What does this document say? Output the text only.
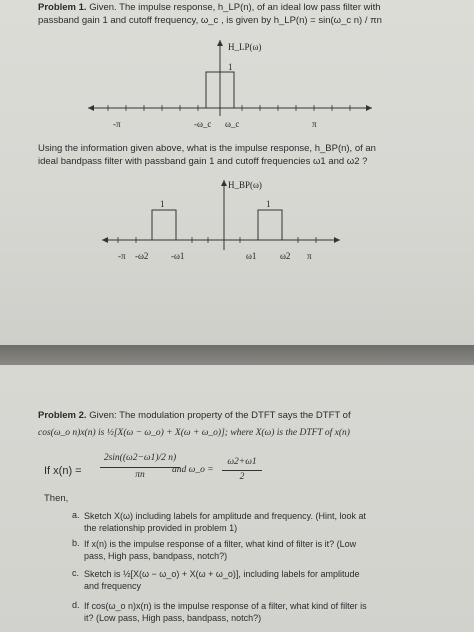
Problem 1. Given. The impulse response, h_LP(n), of an ideal low pass filter with
passband gain 1 and cutoff frequency, ω_c , is given by h_LP(n) = sin(ω_c n) / πn
H_LP(ω)
1
-π	-ω_c ω_c	π
Using the information given above, what is the impulse response, h_BP(n), of an
ideal bandpass filter with passband gain 1 and cutoff frequencies ω1 and ω2 ?
H_BP(ω)
1	1
-π -ω2	-ω1	ω1	ω2 π
Problem 2. Given: The modulation property of the DTFT says the DTFT of
cos(ω_o n)x(n) is ½[X(ω − ω_o) + X(ω + ω_o)]; where X(ω) is the DTFT of x(n)
If x(n) =
2sin((ω2−ω1)/2 n)
πn	and ω_o =
ω2+ω1
2
Then,
a. Sketch X(ω) including labels for amplitude and frequency. (Hint, look at
the relationship provided in problem 1)
b. If x(n) is the impulse response of a filter, what kind of filter is it? (Low
pass, High pass, bandpass, notch?)
c. Sketch is ½[X(ω − ω_o) + X(ω + ω_o)], including labels for amplitude
and frequency
d. If cos(ω_o n)x(n) is the impulse response of a filter, what kind of filter is
it? (Low pass, High pass, bandpass, notch?)
